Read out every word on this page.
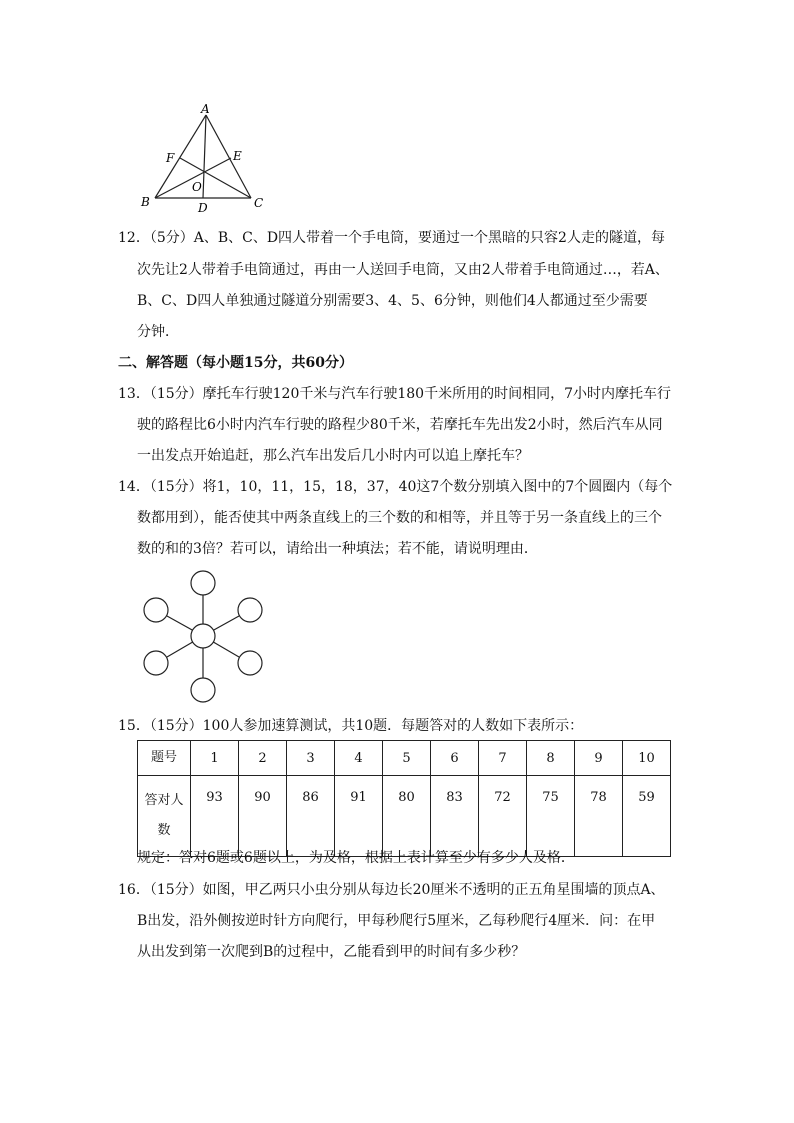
A
B	C
D
E
F
O
12．（5分）A、B、C、D四人带着一个手电筒，要通过一个黑暗的只容2人走的隧道，每
次先让2人带着手电筒通过，再由一人送回手电筒，又由2人带着手电筒通过…，若A、
B、C、D四人单独通过隧道分别需要3、4、5、6分钟，则他们4人都通过至少需要
分钟．
二、解答题（每小题15分，共60分）
13．（15分）摩托车行驶120千米与汽车行驶180千米所用的时间相同，7小时内摩托车行
驶的路程比6小时内汽车行驶的路程少80千米，若摩托车先出发2小时，然后汽车从同
一出发点开始追赶，那么汽车出发后几小时内可以追上摩托车？
14．（15分）将1，10，11，15，18，37，40这7个数分别填入图中的7个圆圈内（每个
数都用到），能否使其中两条直线上的三个数的和相等，并且等于另一条直线上的三个
数的和的3倍？若可以，请给出一种填法；若不能，请说明理由．
15．（15分）100人参加速算测试，共10题．每题答对的人数如下表所示：
题号	1	2	3	4	5	6	7	8	9	10

答对人
数	93	90	86	91	80	83	72	75	78	59
规定：答对6题或6题以上，为及格，根据上表计算至少有多少人及格．
16．（15分）如图，甲乙两只小虫分别从每边长20厘米不透明的正五角星围墙的顶点A、
B出发，沿外侧按逆时针方向爬行，甲每秒爬行5厘米，乙每秒爬行4厘米．问：在甲
从出发到第一次爬到B的过程中，乙能看到甲的时间有多少秒？
